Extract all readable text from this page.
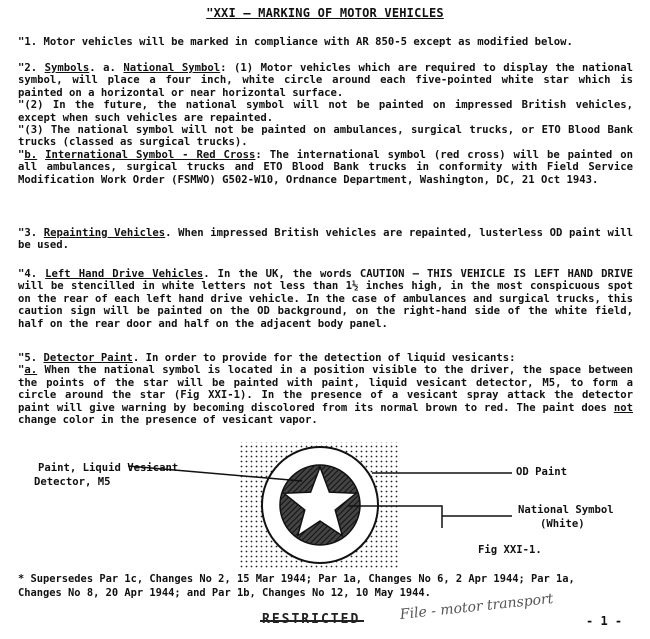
"XXI — MARKING OF MOTOR VEHICLES
"1. Motor vehicles will be marked in compliance with AR 850-5 except as modified below.
"2. Symbols. a. National Symbol: (1) Motor vehicles which are required to display the national symbol, will place a four inch, white circle around each five-pointed white star which is painted on a horizontal or near horizontal surface.
"(2) In the future, the national symbol will not be painted on impressed British vehicles, except when such vehicles are repainted.
"(3) The national symbol will not be painted on ambulances, surgical trucks, or ETO Blood Bank trucks (classed as surgical trucks).
"b. International Symbol - Red Cross: The international symbol (red cross) will be painted on all ambulances, surgical trucks and ETO Blood Bank trucks in conformity with Field Service Modification Work Order (FSMWO) G502-W10, Ordnance Department, Washington, DC, 21 Oct 1943.
"3. Repainting Vehicles. When impressed British vehicles are repainted, lusterless OD paint will be used.
"4. Left Hand Drive Vehicles. In the UK, the words CAUTION — THIS VEHICLE IS LEFT HAND DRIVE will be stencilled in white letters not less than 1½ inches high, in the most conspicuous spot on the rear of each left hand drive vehicle. In the case of ambulances and surgical trucks, this caution sign will be painted on the OD background, on the right-hand side of the white field, half on the rear door and half on the adjacent body panel.
"5. Detector Paint. In order to provide for the detection of liquid vesicants:
"a. When the national symbol is located in a position visible to the driver, the space between the points of the star will be painted with paint, liquid vesicant detector, M5, to form a circle around the star (Fig XXI-1). In the presence of a vesicant spray attack the detector paint will give warning by becoming discolored from its normal brown to red. The paint does not change color in the presence of vesicant vapor.
Paint, Liquid Vesicant
Detector, M5
OD Paint
National Symbol
(White)
Fig XXI-1.
* Supersedes Par 1c, Changes No 2, 15 Mar 1944; Par 1a, Changes No 6, 2 Apr 1944; Par 1a,
Changes No 8, 20 Apr 1944; and Par 1b, Changes No 12, 10 May 1944.
File - motor transport	- 1 -
